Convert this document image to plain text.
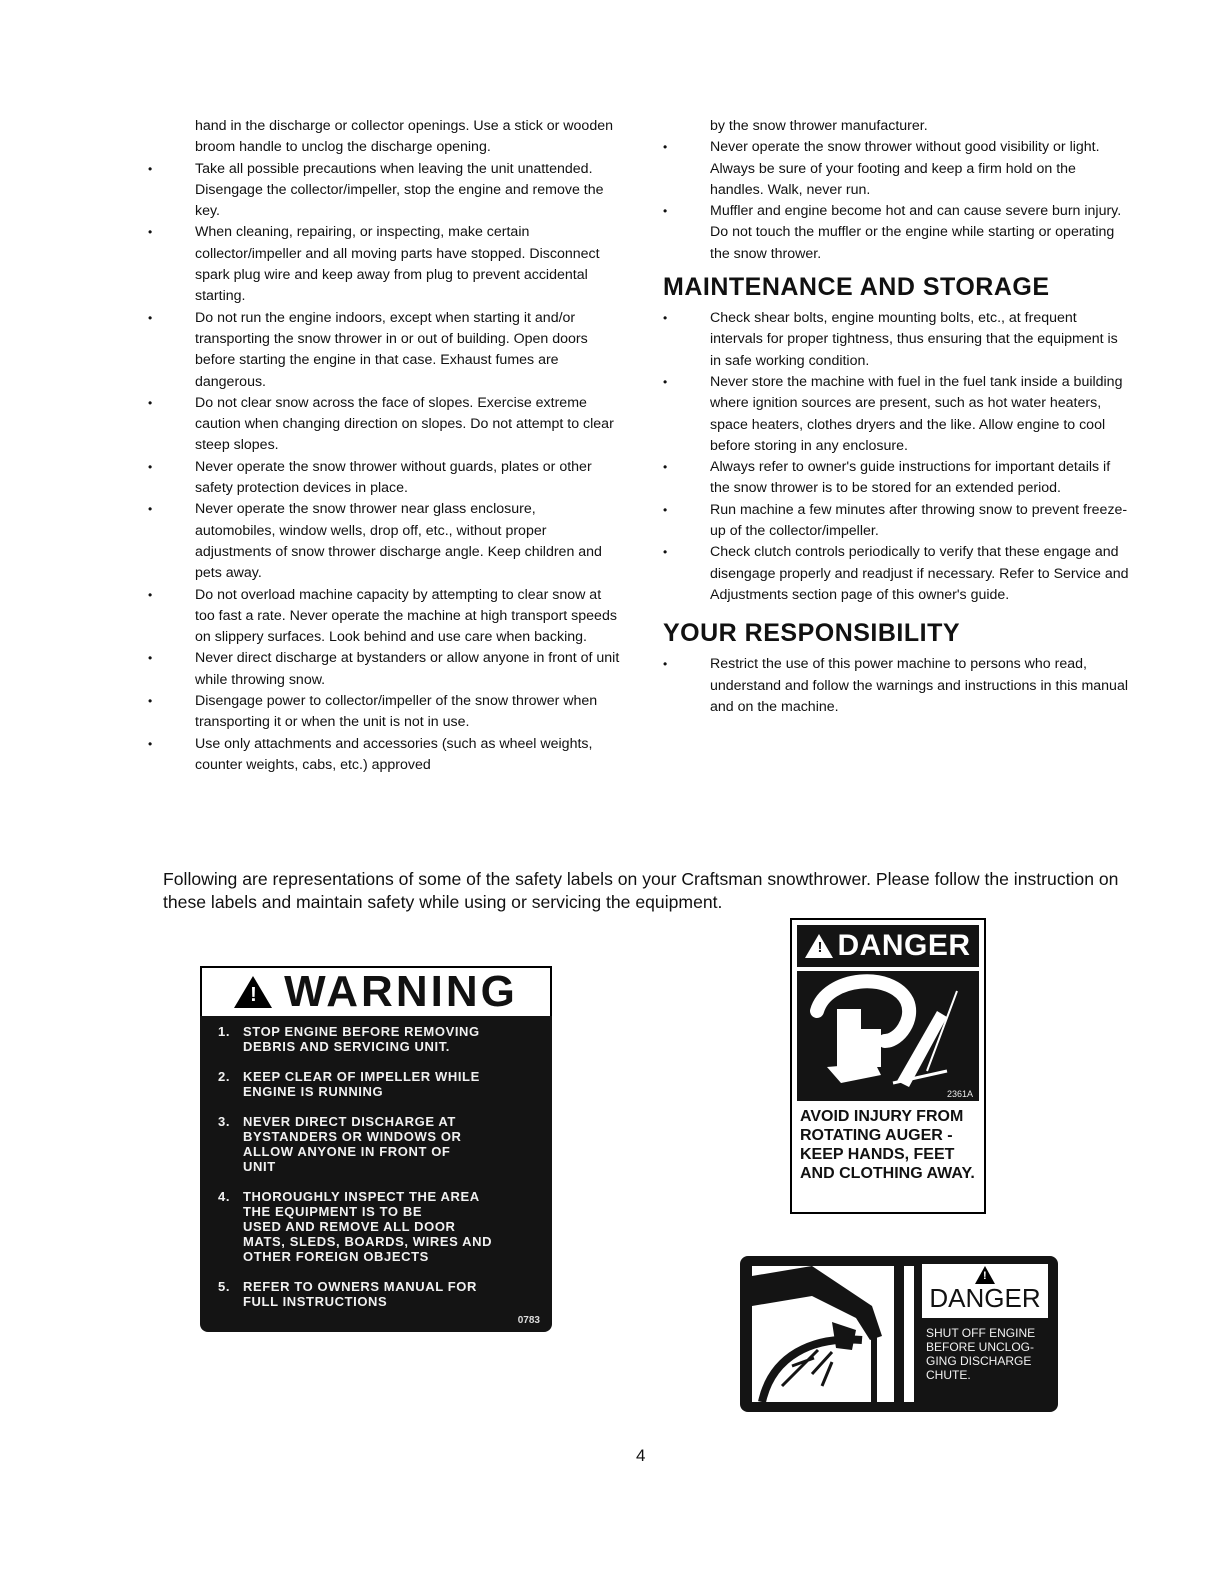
hand in the discharge or collector openings. Use a stick or wooden broom handle to unclog the discharge opening.
• Take all possible precautions when leaving the unit unattended. Disengage the collector/impeller, stop the engine and remove the key.
• When cleaning, repairing, or inspecting, make certain collector/impeller and all moving parts have stopped. Disconnect spark plug wire and keep away from plug to prevent accidental starting.
• Do not run the engine indoors, except when starting it and/or transporting the snow thrower in or out of building. Open doors before starting the engine in that case. Exhaust fumes are dangerous.
• Do not clear snow across the face of slopes. Exercise extreme caution when changing direction on slopes. Do not attempt to clear steep slopes.
• Never operate the snow thrower without guards, plates or other safety protection devices in place.
• Never operate the snow thrower near glass enclosure, automobiles, window wells, drop off, etc., without proper adjustments of snow thrower discharge angle. Keep children and pets away.
• Do not overload machine capacity by attempting to clear snow at too fast a rate. Never operate the machine at high transport speeds on slippery surfaces. Look behind and use care when backing.
• Never direct discharge at bystanders or allow anyone in front of unit while throwing snow.
• Disengage power to collector/impeller of the snow thrower when transporting it or when the unit is not in use.
• Use only attachments and accessories (such as wheel weights, counter weights, cabs, etc.) approved
by the snow thrower manufacturer.
• Never operate the snow thrower without good visibility or light. Always be sure of your footing and keep a firm hold on the handles. Walk, never run.
• Muffler and engine become hot and can cause severe burn injury. Do not touch the muffler or the engine while starting or operating the snow thrower.
MAINTENANCE AND STORAGE
• Check shear bolts, engine mounting bolts, etc., at frequent intervals for proper tightness, thus ensuring that the equipment is in safe working condition.
• Never store the machine with fuel in the fuel tank inside a building where ignition sources are present, such as hot water heaters, space heaters, clothes dryers and the like. Allow engine to cool before storing in any enclosure.
• Always refer to owner's guide instructions for important details if the snow thrower is to be stored for an extended period.
• Run machine a few minutes after throwing snow to prevent freeze-up of the collector/impeller.
• Check clutch controls periodically to verify that these engage and disengage properly and readjust if necessary. Refer to Service and Adjustments section page of this owner's guide.
YOUR RESPONSIBILITY
• Restrict the use of this power machine to persons who read, understand and follow the warnings and instructions in this manual and on the machine.

Following are representations of some of the safety labels on your Craftsman snowthrower. Please follow the instruction on these labels and maintain safety while using or servicing the equipment.

! WARNING
1. STOP ENGINE BEFORE REMOVING
DEBRIS AND SERVICING UNIT.
2. KEEP CLEAR OF IMPELLER WHILE
ENGINE IS RUNNING
3. NEVER DIRECT DISCHARGE AT
BYSTANDERS OR WINDOWS OR
ALLOW ANYONE IN FRONT OF
UNIT
4. THOROUGHLY INSPECT THE AREA
THE EQUIPMENT IS TO BE
USED AND REMOVE ALL DOOR
MATS, SLEDS, BOARDS, WIRES AND
OTHER FOREIGN OBJECTS
5. REFER TO OWNERS MANUAL FOR
FULL INSTRUCTIONS
0783
! DANGER
2361A
AVOID INJURY FROM
ROTATING AUGER -
KEEP HANDS, FEET
AND CLOTHING AWAY.
!
DANGER
SHUT OFF ENGINE
BEFORE UNCLOG-
GING DISCHARGE
CHUTE.
4
